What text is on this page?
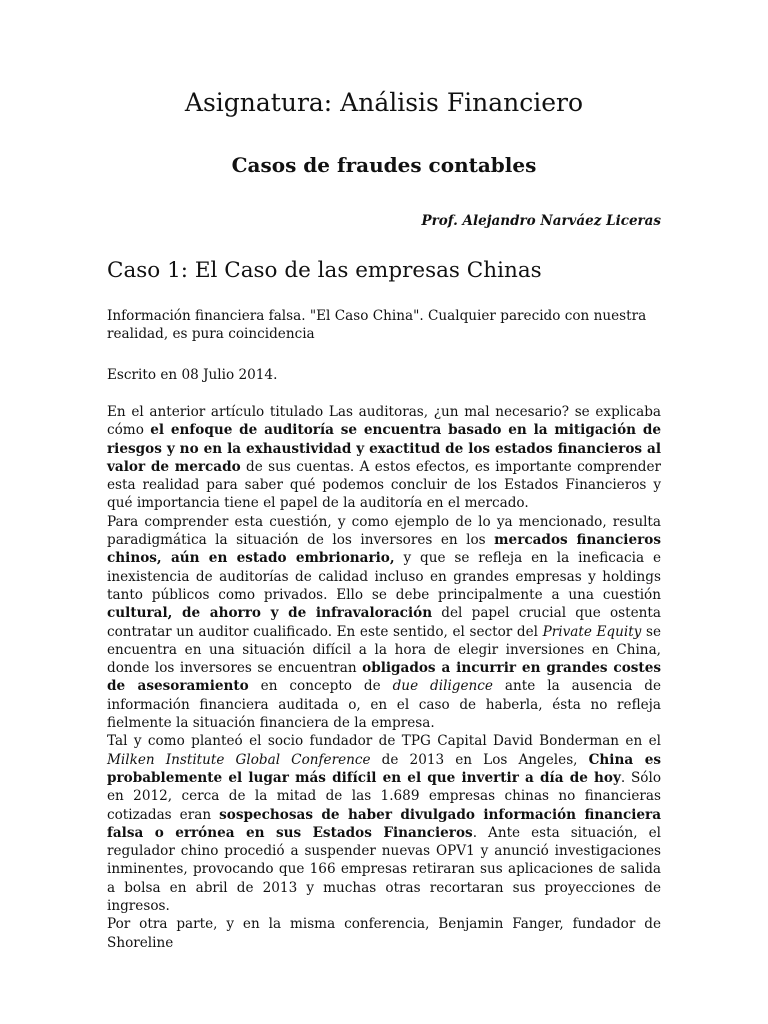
Asignatura: Análisis Financiero
Casos de fraudes contables

Prof. Alejandro Narváez Liceras

Caso 1: El Caso de las empresas Chinas

Información financiera falsa. "El Caso China". Cualquier parecido con nuestra realidad, es pura coincidencia

Escrito en 08 Julio 2014.

En el anterior artículo titulado Las auditoras, ¿un mal necesario? se explicaba cómo el enfoque de auditoría se encuentra basado en la mitigación de riesgos y no en la exhaustividad y exactitud de los estados financieros al valor de mercado de sus cuentas. A estos efectos, es importante comprender esta realidad para saber qué podemos concluir de los Estados Financieros y qué importancia tiene el papel de la auditoría en el mercado.

Para comprender esta cuestión, y como ejemplo de lo ya mencionado, resulta paradigmática la situación de los inversores en los mercados financieros chinos, aún en estado embrionario, y que se refleja en la ineficacia e inexistencia de auditorías de calidad incluso en grandes empresas y holdings tanto públicos como privados. Ello se debe principalmente a una cuestión cultural, de ahorro y de infravaloración del papel crucial que ostenta contratar un auditor cualificado. En este sentido, el sector del Private Equity se encuentra en una situación difícil a la hora de elegir inversiones en China, donde los inversores se encuentran obligados a incurrir en grandes costes de asesoramiento en concepto de due diligence ante la ausencia de información financiera auditada o, en el caso de haberla, ésta no refleja fielmente la situación financiera de la empresa.

Tal y como planteó el socio fundador de TPG Capital David Bonderman en el Milken Institute Global Conference de 2013 en Los Angeles, China es probablemente el lugar más difícil en el que invertir a día de hoy. Sólo en 2012, cerca de la mitad de las 1.689 empresas chinas no financieras cotizadas eran sospechosas de haber divulgado información financiera falsa o errónea en sus Estados Financieros. Ante esta situación, el regulador chino procedió a suspender nuevas OPV1 y anunció investigaciones inminentes, provocando que 166 empresas retiraran sus aplicaciones de salida a bolsa en abril de 2013 y muchas otras recortaran sus proyecciones de ingresos.

Por otra parte, y en la misma conferencia, Benjamin Fanger, fundador de Shoreline
